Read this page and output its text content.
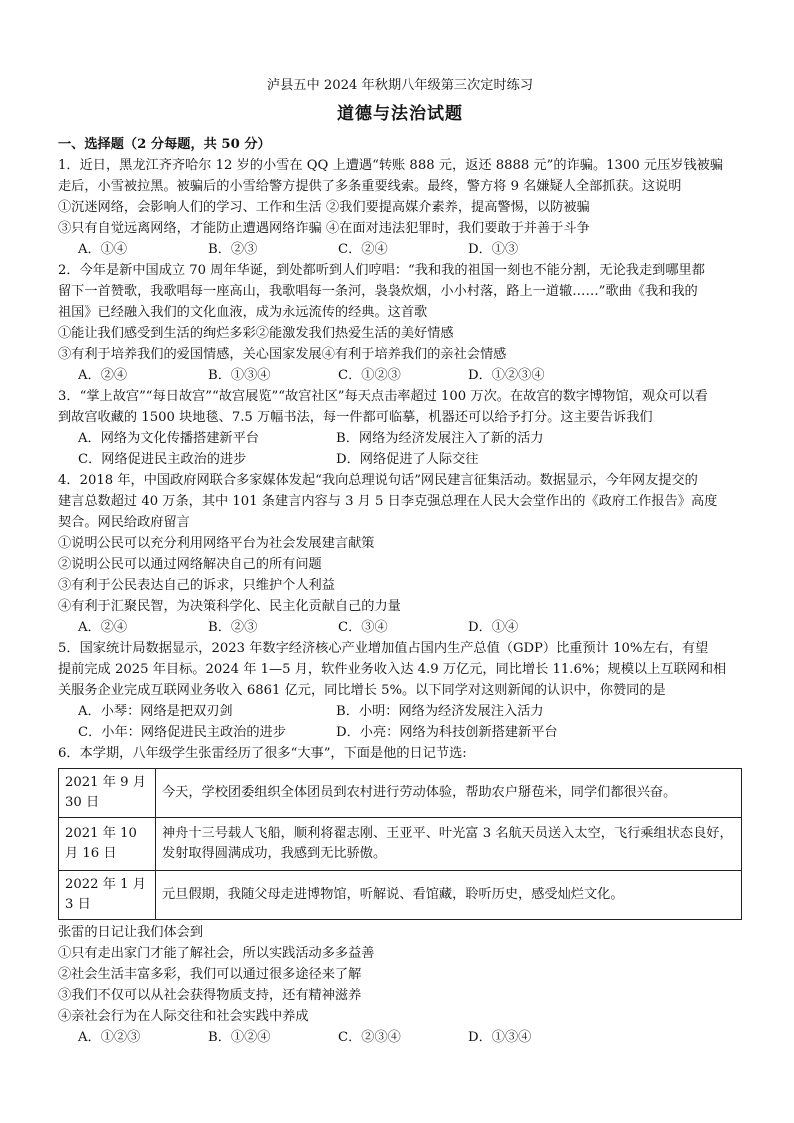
泸县五中 2024 年秋期八年级第三次定时练习
道德与法治试题
一、选择题（2 分每题，共 50 分）
1．近日，黑龙江齐齐哈尔 12 岁的小雪在 QQ 上遭遇“转账 888 元，返还 8888 元”的诈骗。1300 元压岁钱被骗
走后，小雪被拉黑。被骗后的小雪给警方提供了多条重要线索。最终，警方将 9 名嫌疑人全部抓获。这说明
①沉迷网络，会影响人们的学习、工作和生活 ②我们要提高媒介素养，提高警惕，以防被骗
③只有自觉远离网络，才能防止遭遇网络诈骗 ④在面对违法犯罪时，我们要敢于并善于斗争
A．①④	B．②③	C．②④	D．①③
2．今年是新中国成立 70 周年华诞，到处都听到人们哼唱：“我和我的祖国一刻也不能分割，无论我走到哪里都
留下一首赞歌，我歌唱每一座高山，我歌唱每一条河，袅袅炊烟，小小村落，路上一道辙……”歌曲《我和我的
祖国》已经融入我们的文化血液，成为永远流传的经典。这首歌
①能让我们感受到生活的绚烂多彩②能激发我们热爱生活的美好情感
③有利于培养我们的爱国情感，关心国家发展④有利于培养我们的亲社会情感
A．②④	B．①③④	C．①②③	D．①②③④
3．“掌上故宫”“每日故宫”“故宫展览”“故宫社区”每天点击率超过 100 万次。在故宫的数字博物馆，观众可以看
到故宫收藏的 1500 块地毯、7.5 万幅书法，每一件都可临摹，机器还可以给予打分。这主要告诉我们
A．网络为文化传播搭建新平台	B．网络为经济发展注入了新的活力
C．网络促进民主政治的进步	D．网络促进了人际交往
4．2018 年，中国政府网联合多家媒体发起“我向总理说句话”网民建言征集活动。数据显示，今年网友提交的
建言总数超过 40 万条，其中 101 条建言内容与 3 月 5 日李克强总理在人民大会堂作出的《政府工作报告》高度
契合。网民给政府留言
①说明公民可以充分利用网络平台为社会发展建言献策
②说明公民可以通过网络解决自己的所有问题
③有利于公民表达自己的诉求，只维护个人利益
④有利于汇聚民智，为决策科学化、民主化贡献自己的力量
A．②④	B．②③	C．③④	D．①④
5．国家统计局数据显示，2023 年数字经济核心产业增加值占国内生产总值（GDP）比重预计 10%左右，有望
提前完成 2025 年目标。2024 年 1—5 月，软件业务收入达 4.9 万亿元，同比增长 11.6%；规模以上互联网和相
关服务企业完成互联网业务收入 6861 亿元，同比增长 5%。以下同学对这则新闻的认识中，你赞同的是
A．小琴：网络是把双刃剑	B．小明：网络为经济发展注入活力
C．小年：网络促进民主政治的进步	D．小亮：网络为科技创新搭建新平台
6．本学期，八年级学生张雷经历了很多“大事”，下面是他的日记节选:
2021 年 9 月 30 日	今天，学校团委组织全体团员到农村进行劳动体验，帮助农户掰苞米，同学们都很兴奋。
2021 年 10 月 16 日	神舟十三号载人飞船，顺利将翟志刚、王亚平、叶光富 3 名航天员送入太空，飞行乘组状态良好，发射取得圆满成功，我感到无比骄傲。
2022 年 1 月 3 日	元旦假期，我随父母走进博物馆，听解说、看馆藏，聆听历史，感受灿烂文化。
张雷的日记让我们体会到
①只有走出家门才能了解社会，所以实践活动多多益善
②社会生活丰富多彩，我们可以通过很多途径来了解
③我们不仅可以从社会获得物质支持，还有精神滋养
④亲社会行为在人际交往和社会实践中养成
A．①②③	B．①②④	C．②③④	D．①③④
